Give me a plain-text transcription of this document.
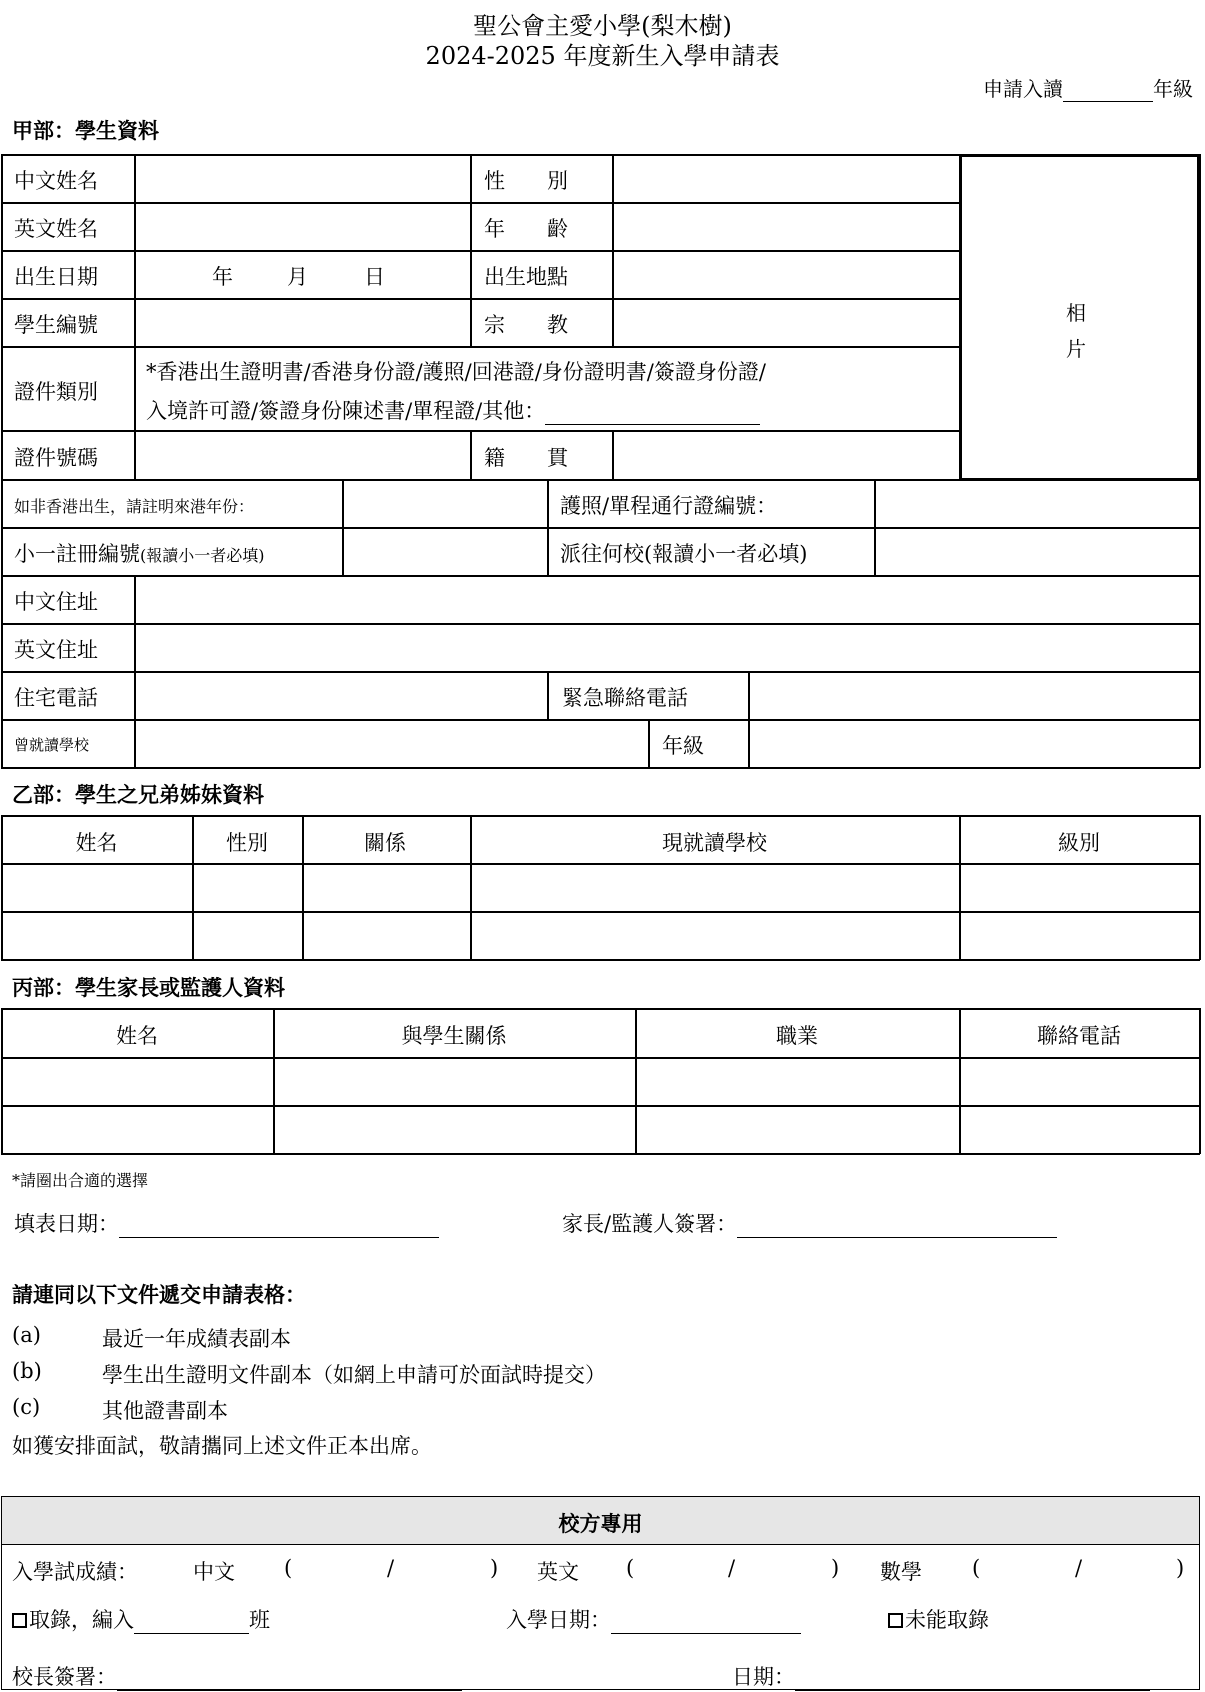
聖公會主愛小學(梨木樹)
2024-2025 年度新生入學申請表
申請入讀	年級
甲部：學生資料
相
片
中文姓名	性　　別
英文姓名	年　　齡
出生日期	年	月	日	出生地點
學生編號	宗　　教
證件類別
*香港出生證明書/香港身份證/護照/回港證/身份證明書/簽證身份證/
入境許可證/簽證身份陳述書/單程證/其他：
證件號碼	籍　　貫
如非香港出生，請註明來港年份：	護照/單程通行證編號：
小一註冊編號(報讀小一者必填)	派往何校(報讀小一者必填)
中文住址
英文住址
住宅電話	緊急聯絡電話
曾就讀學校	年級
乙部：學生之兄弟姊妹資料
姓名	性別	關係	現就讀學校	級別
丙部：學生家長或監護人資料
姓名	與學生關係	職業	聯絡電話
*請圈出合適的選擇
填表日期：	家長/監護人簽署：
請連同以下文件遞交申請表格：
(a)	最近一年成績表副本
(b)	學生出生證明文件副本（如網上申請可於面試時提交）
(c)	其他證書副本
如獲安排面試，敬請攜同上述文件正本出席。
校方專用
入學試成績：	中文 (	/	) 英文 (	/	) 數學 (	/	)
取錄，編入	班	入學日期：	未能取錄
校長簽署：	日期：
